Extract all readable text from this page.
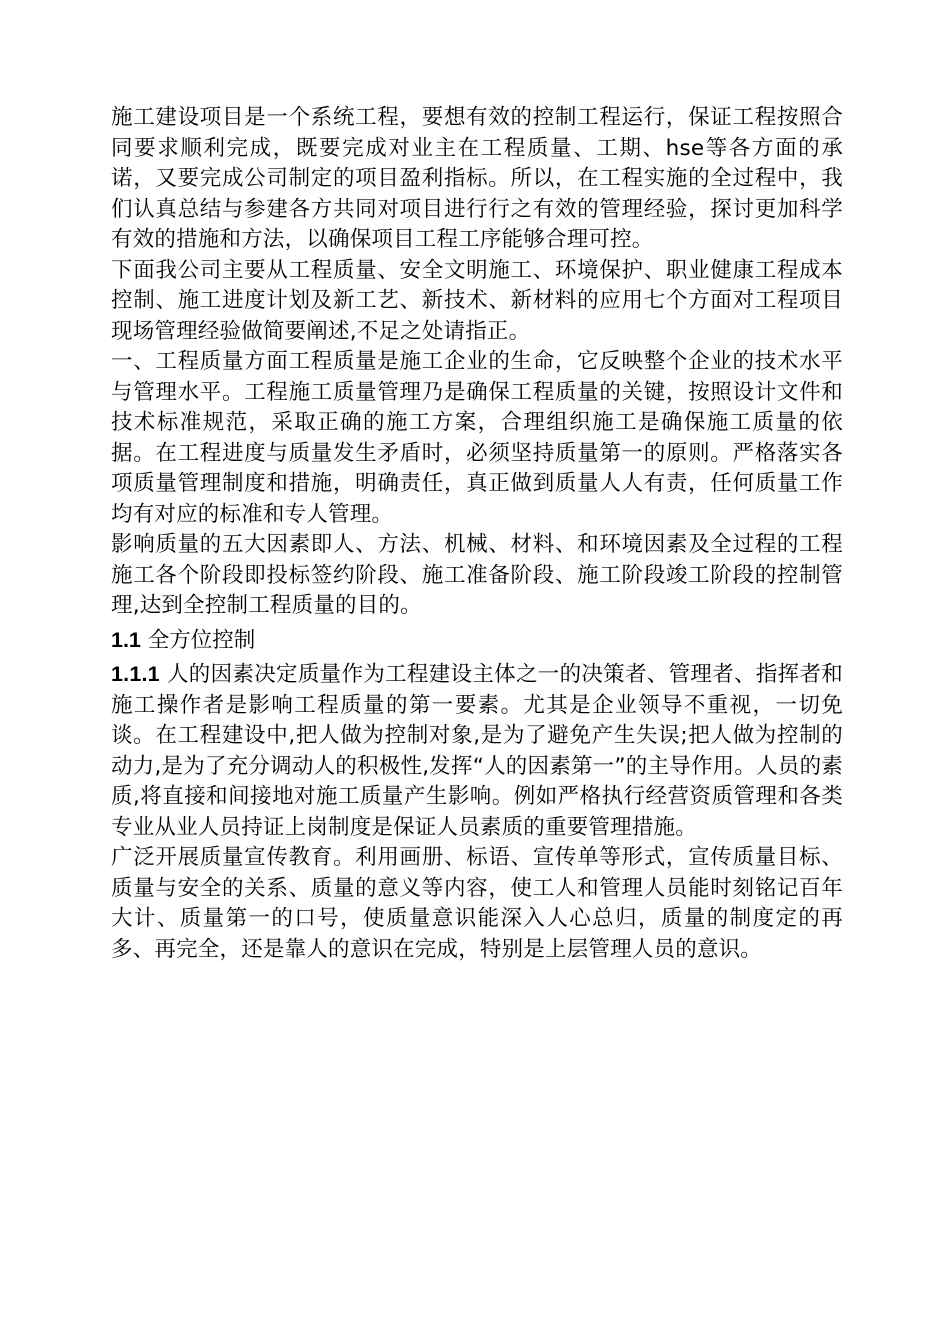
施工建设项目是一个系统工程，要想有效的控制工程运行，保证工程按照合同要求顺利完成，既要完成对业主在工程质量、工期、hse等各方面的承诺，又要完成公司制定的项目盈利指标。所以，在工程实施的全过程中，我们认真总结与参建各方共同对项目进行行之有效的管理经验，探讨更加科学有效的措施和方法，以确保项目工程工序能够合理可控。

下面我公司主要从工程质量、安全文明施工、环境保护、职业健康工程成本控制、施工进度计划及新工艺、新技术、新材料的应用七个方面对工程项目现场管理经验做简要阐述,不足之处请指正。

一、工程质量方面工程质量是施工企业的生命，它反映整个企业的技术水平与管理水平。工程施工质量管理乃是确保工程质量的关键，按照设计文件和技术标准规范，采取正确的施工方案，合理组织施工是确保施工质量的依据。在工程进度与质量发生矛盾时，必须坚持质量第一的原则。严格落实各项质量管理制度和措施，明确责任，真正做到质量人人有责，任何质量工作均有对应的标准和专人管理。

影响质量的五大因素即人、方法、机械、材料、和环境因素及全过程的工程施工各个阶段即投标签约阶段、施工准备阶段、施工阶段竣工阶段的控制管理,达到全控制工程质量的目的。

1.1 全方位控制

1.1.1 人的因素决定质量作为工程建设主体之一的决策者、管理者、指挥者和施工操作者是影响工程质量的第一要素。尤其是企业领导不重视，一切免谈。在工程建设中,把人做为控制对象,是为了避免产生失误;把人做为控制的动力,是为了充分调动人的积极性,发挥“人的因素第一”的主导作用。人员的素质,将直接和间接地对施工质量产生影响。例如严格执行经营资质管理和各类专业从业人员持证上岗制度是保证人员素质的重要管理措施。

广泛开展质量宣传教育。利用画册、标语、宣传单等形式，宣传质量目标、质量与安全的关系、质量的意义等内容，使工人和管理人员能时刻铭记百年大计、质量第一的口号，使质量意识能深入人心总归，质量的制度定的再多、再完全，还是靠人的意识在完成，特别是上层管理人员的意识。
